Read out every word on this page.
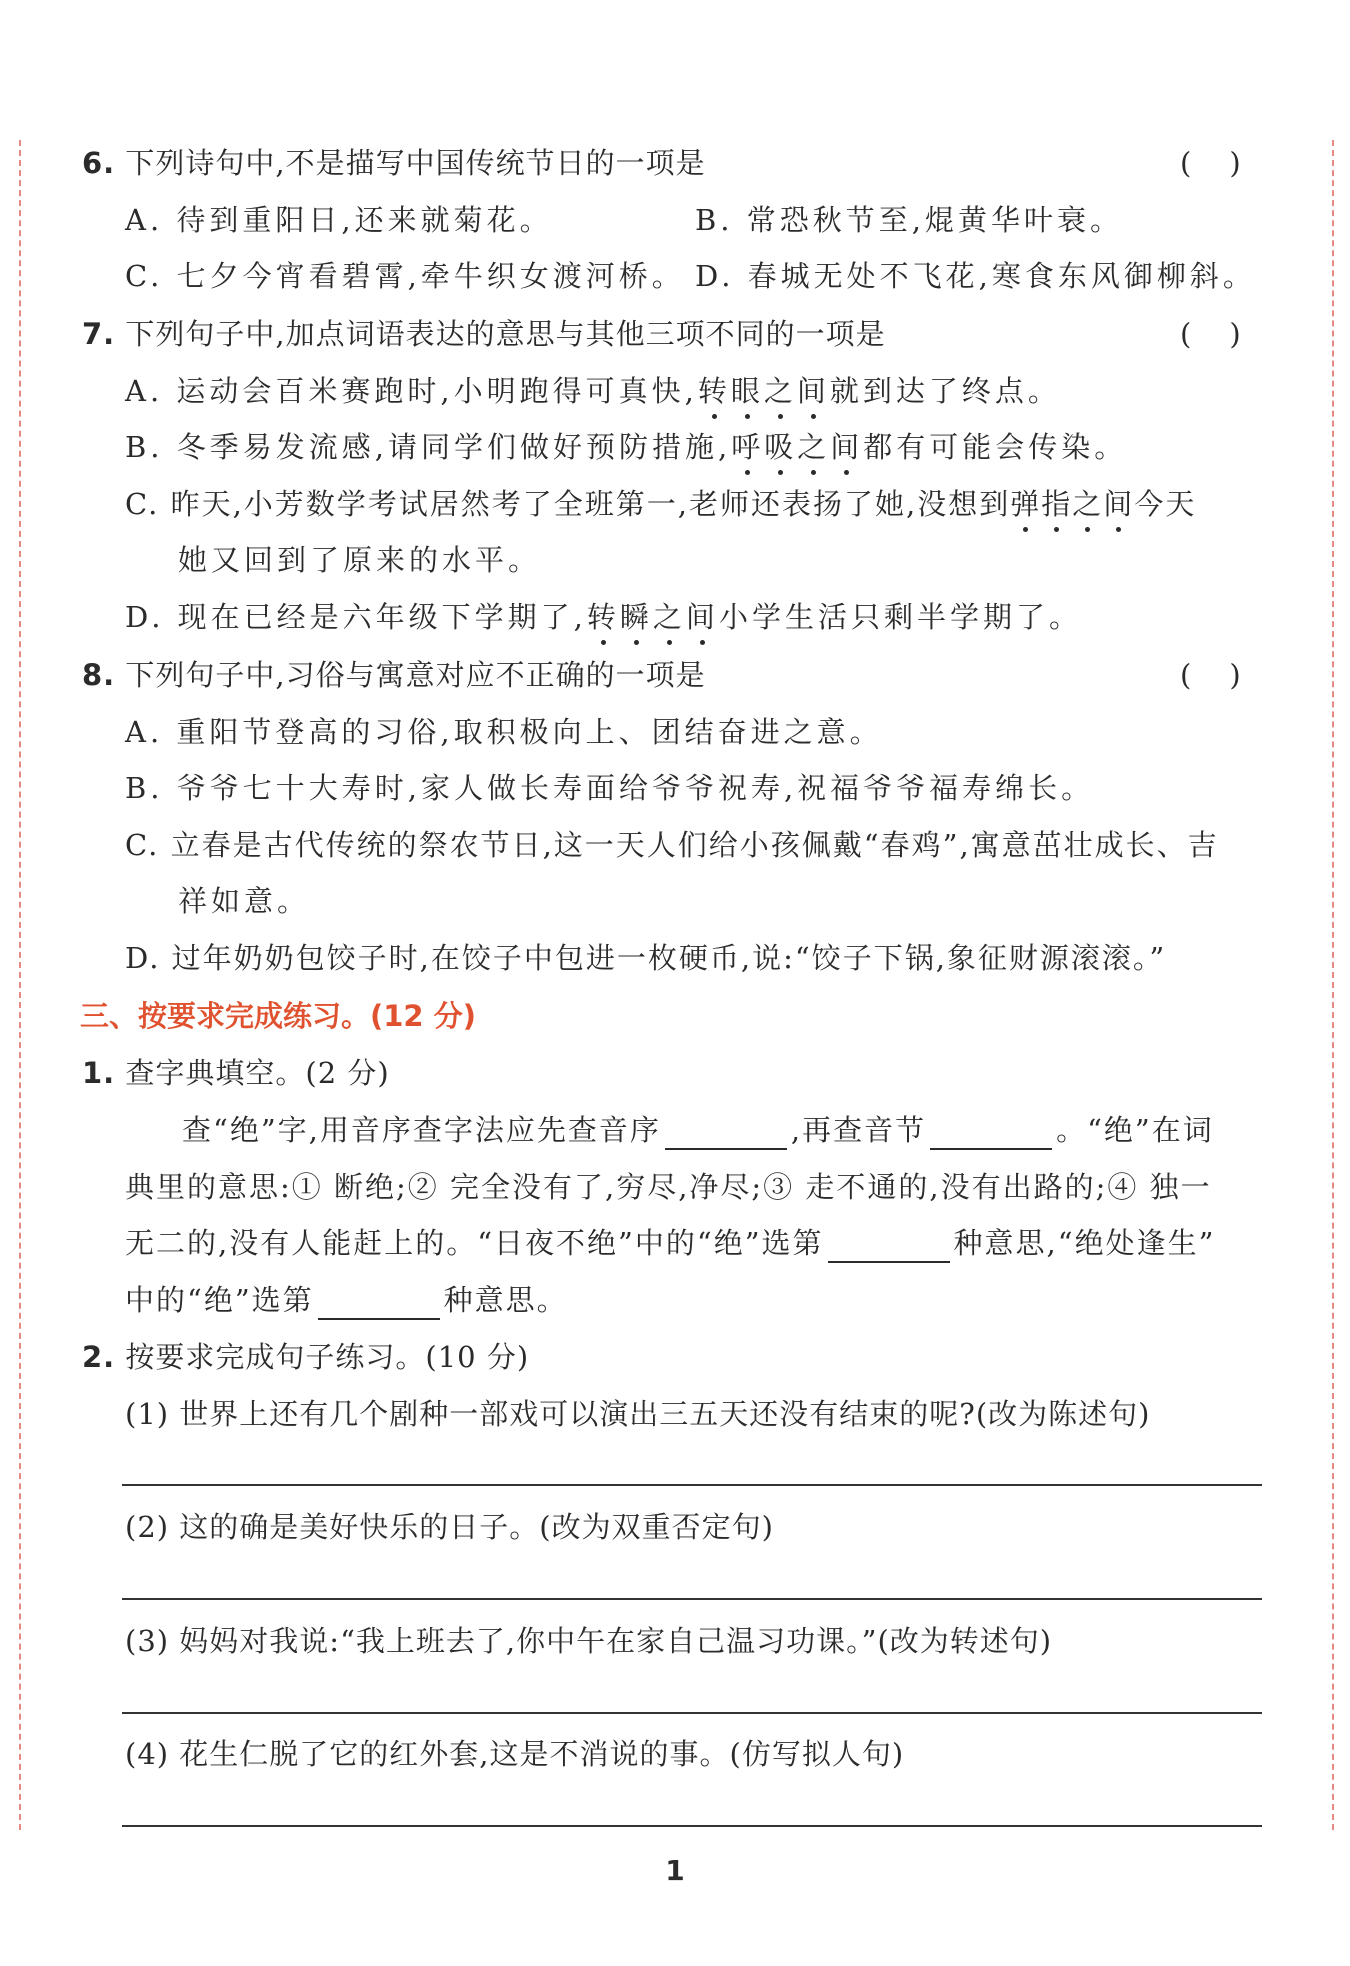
6. 下列诗句中,不是描写中国传统节日的一项是	()
A. 待到重阳日,还来就菊花。	B. 常恐秋节至,焜黄华叶衰。
C. 七夕今宵看碧霄,牵牛织女渡河桥。 D. 春城无处不飞花,寒食东风御柳斜。
7. 下列句子中,加点词语表达的意思与其他三项不同的一项是	()
A. 运动会百米赛跑时,小明跑得可真快,转眼之间就到达了终点。
B. 冬季易发流感,请同学们做好预防措施,呼吸之间都有可能会传染。
C. 昨天,小芳数学考试居然考了全班第一,老师还表扬了她,没想到弹指之间今天
她又回到了原来的水平。
D. 现在已经是六年级下学期了,转瞬之间小学生活只剩半学期了。
8. 下列句子中,习俗与寓意对应不正确的一项是	()
A. 重阳节登高的习俗,取积极向上、团结奋进之意。
B. 爷爷七十大寿时,家人做长寿面给爷爷祝寿,祝福爷爷福寿绵长。
C. 立春是古代传统的祭农节日,这一天人们给小孩佩戴“春鸡”,寓意茁壮成长、吉
祥如意。
D. 过年奶奶包饺子时,在饺子中包进一枚硬币,说:“饺子下锅,象征财源滚滚。”
三、按要求完成练习。(12 分)
1. 查字典填空。(2 分)
查“绝”字,用音序查字法应先查音序	,再查音节	。“绝”在词
典里的意思:① 断绝;② 完全没有了,穷尽,净尽;③ 走不通的,没有出路的;④ 独一
无二的,没有人能赶上的。“日夜不绝”中的“绝”选第	种意思,“绝处逢生”
中的“绝”选第	种意思。
2. 按要求完成句子练习。(10 分)
(1) 世界上还有几个剧种一部戏可以演出三五天还没有结束的呢?(改为陈述句)
(2) 这的确是美好快乐的日子。(改为双重否定句)
(3) 妈妈对我说:“我上班去了,你中午在家自己温习功课。”(改为转述句)
(4) 花生仁脱了它的红外套,这是不消说的事。(仿写拟人句)
1
